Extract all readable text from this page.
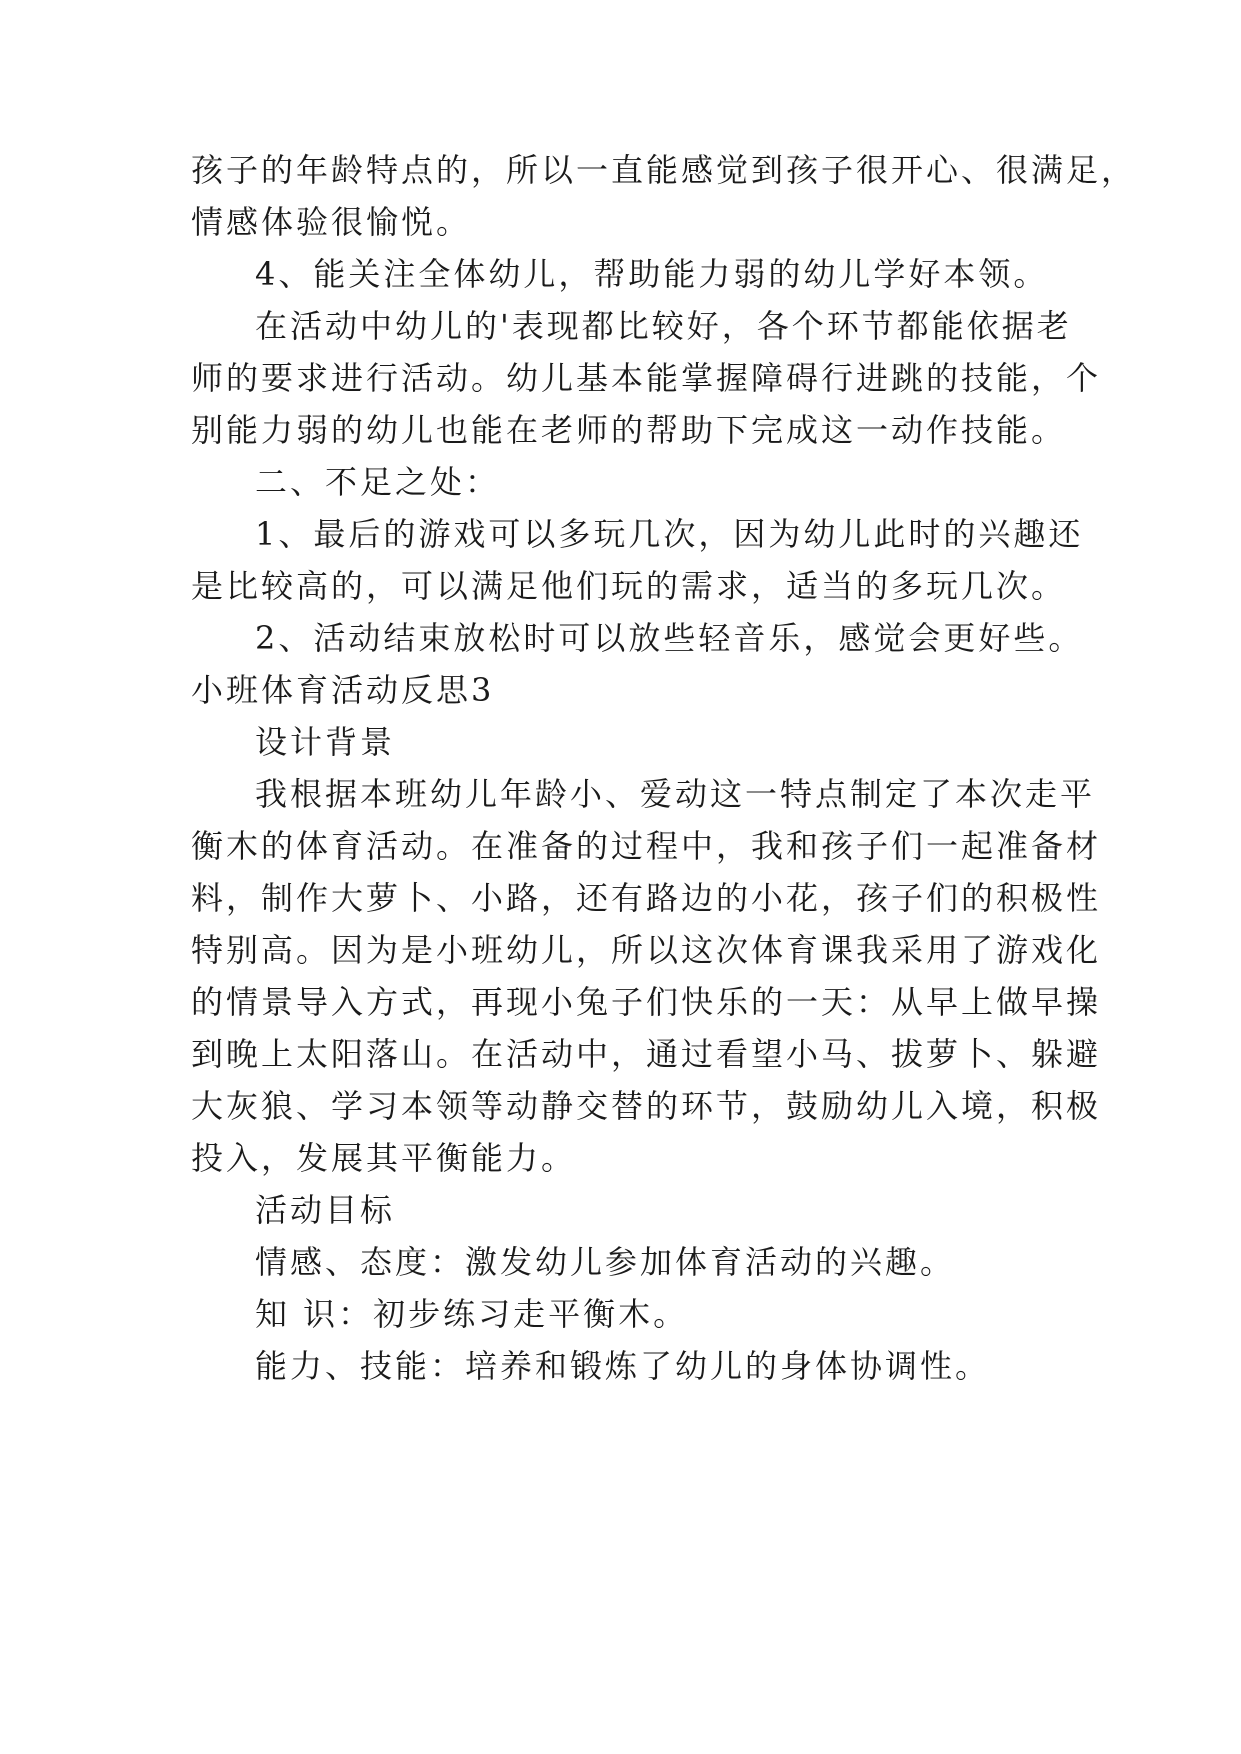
孩子的年龄特点的，所以一直能感觉到孩子很开心、很满足，
情感体验很愉悦。
4、能关注全体幼儿，帮助能力弱的幼儿学好本领。
在活动中幼儿的'表现都比较好，各个环节都能依据老
师的要求进行活动。幼儿基本能掌握障碍行进跳的技能，个
别能力弱的幼儿也能在老师的帮助下完成这一动作技能。
二、不足之处：
1、最后的游戏可以多玩几次，因为幼儿此时的兴趣还
是比较高的，可以满足他们玩的需求，适当的多玩几次。
2、活动结束放松时可以放些轻音乐，感觉会更好些。
小班体育活动反思3
设计背景
我根据本班幼儿年龄小、爱动这一特点制定了本次走平
衡木的体育活动。在准备的过程中，我和孩子们一起准备材
料，制作大萝卜、小路，还有路边的小花，孩子们的积极性
特别高。因为是小班幼儿，所以这次体育课我采用了游戏化
的情景导入方式，再现小兔子们快乐的一天：从早上做早操
到晚上太阳落山。在活动中，通过看望小马、拔萝卜、躲避
大灰狼、学习本领等动静交替的环节，鼓励幼儿入境，积极
投入，发展其平衡能力。
活动目标
情感、态度：激发幼儿参加体育活动的兴趣。
知 识：初步练习走平衡木。
能力、技能：培养和锻炼了幼儿的身体协调性。
